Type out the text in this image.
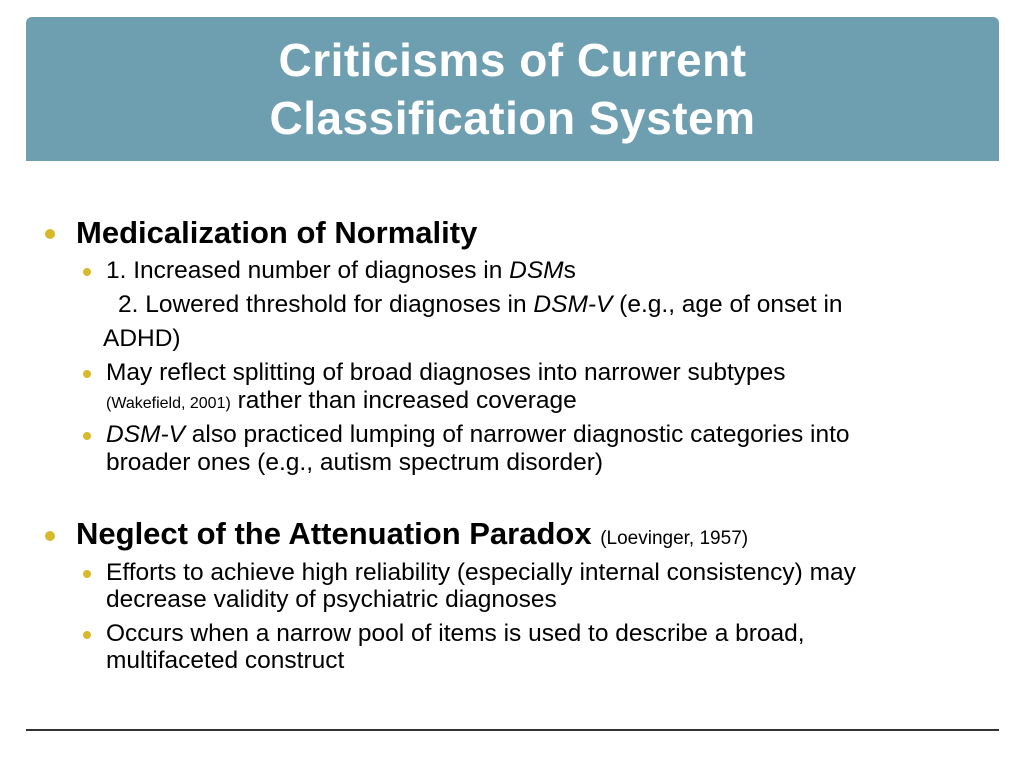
Criticisms of Current
Classification System
Medicalization of Normality
1. Increased number of diagnoses in DSMs
2. Lowered threshold for diagnoses in DSM-V (e.g., age of onset in
ADHD)
May reflect splitting of broad diagnoses into narrower subtypes
(Wakefield, 2001) rather than increased coverage
DSM-V also practiced lumping of narrower diagnostic categories into
broader ones (e.g., autism spectrum disorder)
Neglect of the Attenuation Paradox (Loevinger, 1957)
Efforts to achieve high reliability (especially internal consistency) may
decrease validity of psychiatric diagnoses
Occurs when a narrow pool of items is used to describe a broad,
multifaceted construct
